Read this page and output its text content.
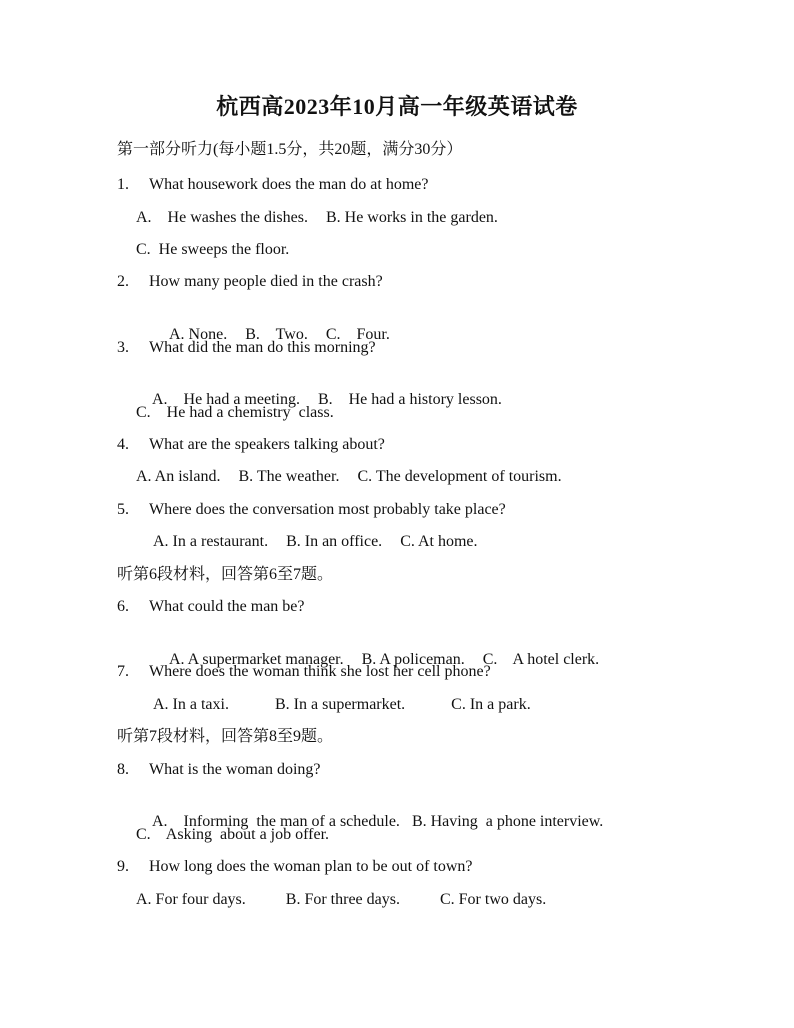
杭西高2023年10月高一年级英语试卷
第一部分听力(每小题1.5分，共20题，满分30分）
1. What housework does the man do at home?
A.    He washes the dishes. B. He works in the garden.
C.  He sweeps the floor.
2. How many people died in the crash?

A. None. B.    Two. C.    Four.

3. What did the man do this morning?

A.    He had a meeting. B.    He had a history lesson.

C.    He had a chemistry  class.
4. What are the speakers talking about?
A. An island. B. The weather. C. The development of tourism.
5. Where does the conversation most probably take place?
A. In a restaurant. B. In an office. C. At home.
听第6段材料，回答第6至7题。
6. What could the man be?

A. A supermarket manager. B. A policeman. C.    A hotel clerk.

7. Where does the woman think she lost her cell phone?
A. In a taxi.	B. In a supermarket.	C. In a park.
听第7段材料，回答第8至9题。
8. What is the woman doing?

A.    Informing  the man of a schedule. B. Having  a phone interview.

C.    Asking  about a job offer.
9. How long does the woman plan to be out of town?
A. For four days.	B. For three days.	C. For two days.
